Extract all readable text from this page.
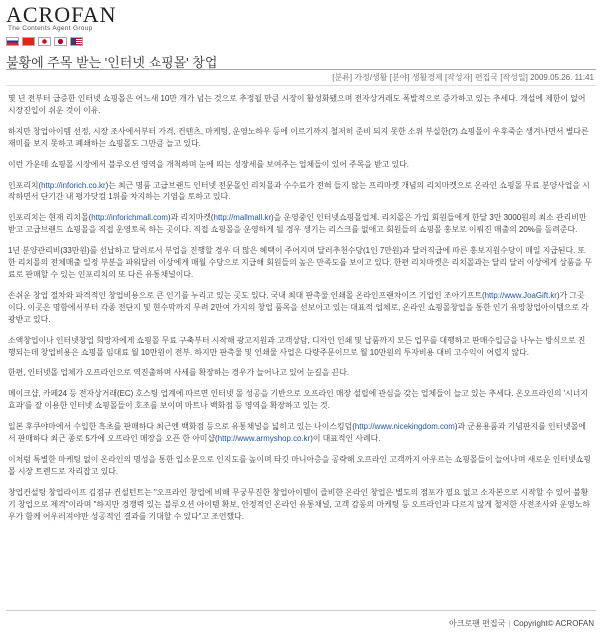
ACROFAN
The Contents Agent Group
불황에 주목 받는 '인터넷 쇼핑몰' 창업
[분류] 가정/생활 [분야] 생활경제 [작성자] 편집국 [작성일] 2009.05.26. 11:41

몇 년 전부터 급증한 인터넷 쇼핑몰은 어느새 10만 개가 넘는 것으로 추정될 만큼 시장이 활성화됐으며 전자상거래도 폭발적으로 증가하고 있는 추세다. 개설에 제한이 없어 시장진입이 쉬운 것이 이유.

하지만 창업아이템 선정, 시장 조사에서부터 가격, 컨텐츠, 마케팅, 운영노하우 등에 이르기까지 철저히 준비 되지 못한 소위 부실한(?) 쇼핑몰이 우후죽순 생겨나면서 별다른 재미를 보지 못하고 폐쇄하는 쇼핑몰도 그만큼 늘고 있다.

이런 가운데 쇼핑몰 시장에서 블루오션 영역을 개척하며 눈에 띄는 성장세를 보여주는 업체들이 있어 주목을 받고 있다.

인포리치(http://inforich.co.kr)는 최근 명품 고급브랜드 인터넷 전문몰인 리치몰과 수수료가 전혀 들지 않는 프리마켓 개념의 리치마켓으로 온라인 쇼핑몰 무료 분양사업을 시작하면서 단기간 내 평가닷컴 1위를 차지하는 기염을 토하고 있다.

인포리치는 현재 리치몰(http://inforichmall.com)과 리치마켓(http://mallmall.kr)을 운영중인 인터넷쇼핑몰업체. 리치몰은 가입 회원들에게 한달 3만 3000원의 최소 관리비만 받고 고급브랜드 쇼핑몰을 직접 운영토록 하는 곳이다. 직접 쇼핑몰을 운영하게 될 경우 생기는 리스크를 없애고 회원들의 쇼핑몰 홍보로 이뤄진 매출의 20%를 돌려준다.

1년 분양관리비(33만원)를 선납하고 달러로서 부업을 진행할 경우 더 많은 혜택이 주어지며 달러추천수당(1인 7만원)과 달러직급에 따른 홍보지원수당이 매일 지급된다. 또한 리치몰의 전체매출 일정 부분을 파워달러 이상에게 매월 수당으로 지급해 회원들의 높은 만족도를 보이고 있다. 한편 리치마켓은 리치몰과는 달리 달러 이상에게 상품을 무료로 판매할 수 있는 인포리치의 또 다른 유통채널이다.

손쉬운 창업 절차와 파격적인 창업비용으로 큰 인기를 누리고 있는 곳도 있다. 국내 최대 판촉물 인쇄몰 온라인프랜차이즈 기업인 조아기프트(http://www.JoaGift.kr)가 그곳이다. 이곳은 명함에서부터 각종 전단지 및 현수막까지 무려 2만여 가지의 창업 품목을 선보이고 있는 대표적 업체로, 온라인 쇼핑몰창업을 통한 인기 유망창업아이템으로 각광받고 있다.

소액창업이나 인터넷창업 희망자에게 쇼핑몰 무료 구축부터 시작해 광고지원과 고객상담, 디자인 인쇄 및 납품까지 모든 업무를 대행하고 판매수입금을 나누는 방식으로 진행되는데 창업비용은 쇼핑몰 임대료 월 10만원이 전부. 하지만 판촉물 및 인쇄물 사업은 다량주문이므로 월 10만원의 투자비용 대비 고수익이 어렵지 않다.

한편, 인터넷몰 업체가 오프라인으로 역진출하며 사세를 확장하는 경우가 늘어나고 있어 눈길을 끈다.

메이크샵, 카페24 등 전자상거래(EC) 호스팅 업계에 따르면 인터넷 몰 성공을 기반으로 오프라인 매장 설립에 관심을 갖는 업체들이 늘고 있는 추세다. 온오프라인의 '시너지 효과'를 잘 이용한 인터넷 쇼핑몰들이 호조를 보이며 마트나 백화점 등 영역을 확장하고 있는 것.

일본 후쿠야마에서 수입한 흑초를 판매하다 최근엔 백화점 등으로 유통채널을 넓히고 있는 나이스킹덤(http://www.nicekingdom.com)과 군용용품과 기념판지를 인터넷몰에서 판매하다 최근 종로 5가에 오프라인 매장을 오픈 한 아미샵(http://www.armyshop.co.kr)이 대표적인 사례다.

이처럼 특별한 마케팅 없이 온라인의 명성을 통한 입소문으로 인지도를 높이며 타깃 마니아층을 공략해 오프라인 고객까지 아우르는 쇼핑몰들이 늘어나며 새로운 인터넷쇼핑몰 시장 트렌드로 자리잡고 있다.

창업컨설팅 창업라이프 김점규 컨설턴트는 "오프라인 창업에 비해 무궁무진한 창업아이템이 즐비한 온라인 창업은 별도의 점포가 필요 없고 소자본으로 시작할 수 있어 불황기 창업으로 제격"이라며 "하지만 경쟁력 있는 블루오션 아이템 확보, 안정적인 온라인 유통채널, 고객 감동의 마케팅 등 오프라인과 다르지 않게 철저한 사전조사와 운영노하우가 함께 어우러져야만 성공적인 결과를 기대할 수 있다"고 조언했다.

아크로팬 편집국 | Copyright© ACROFAN
